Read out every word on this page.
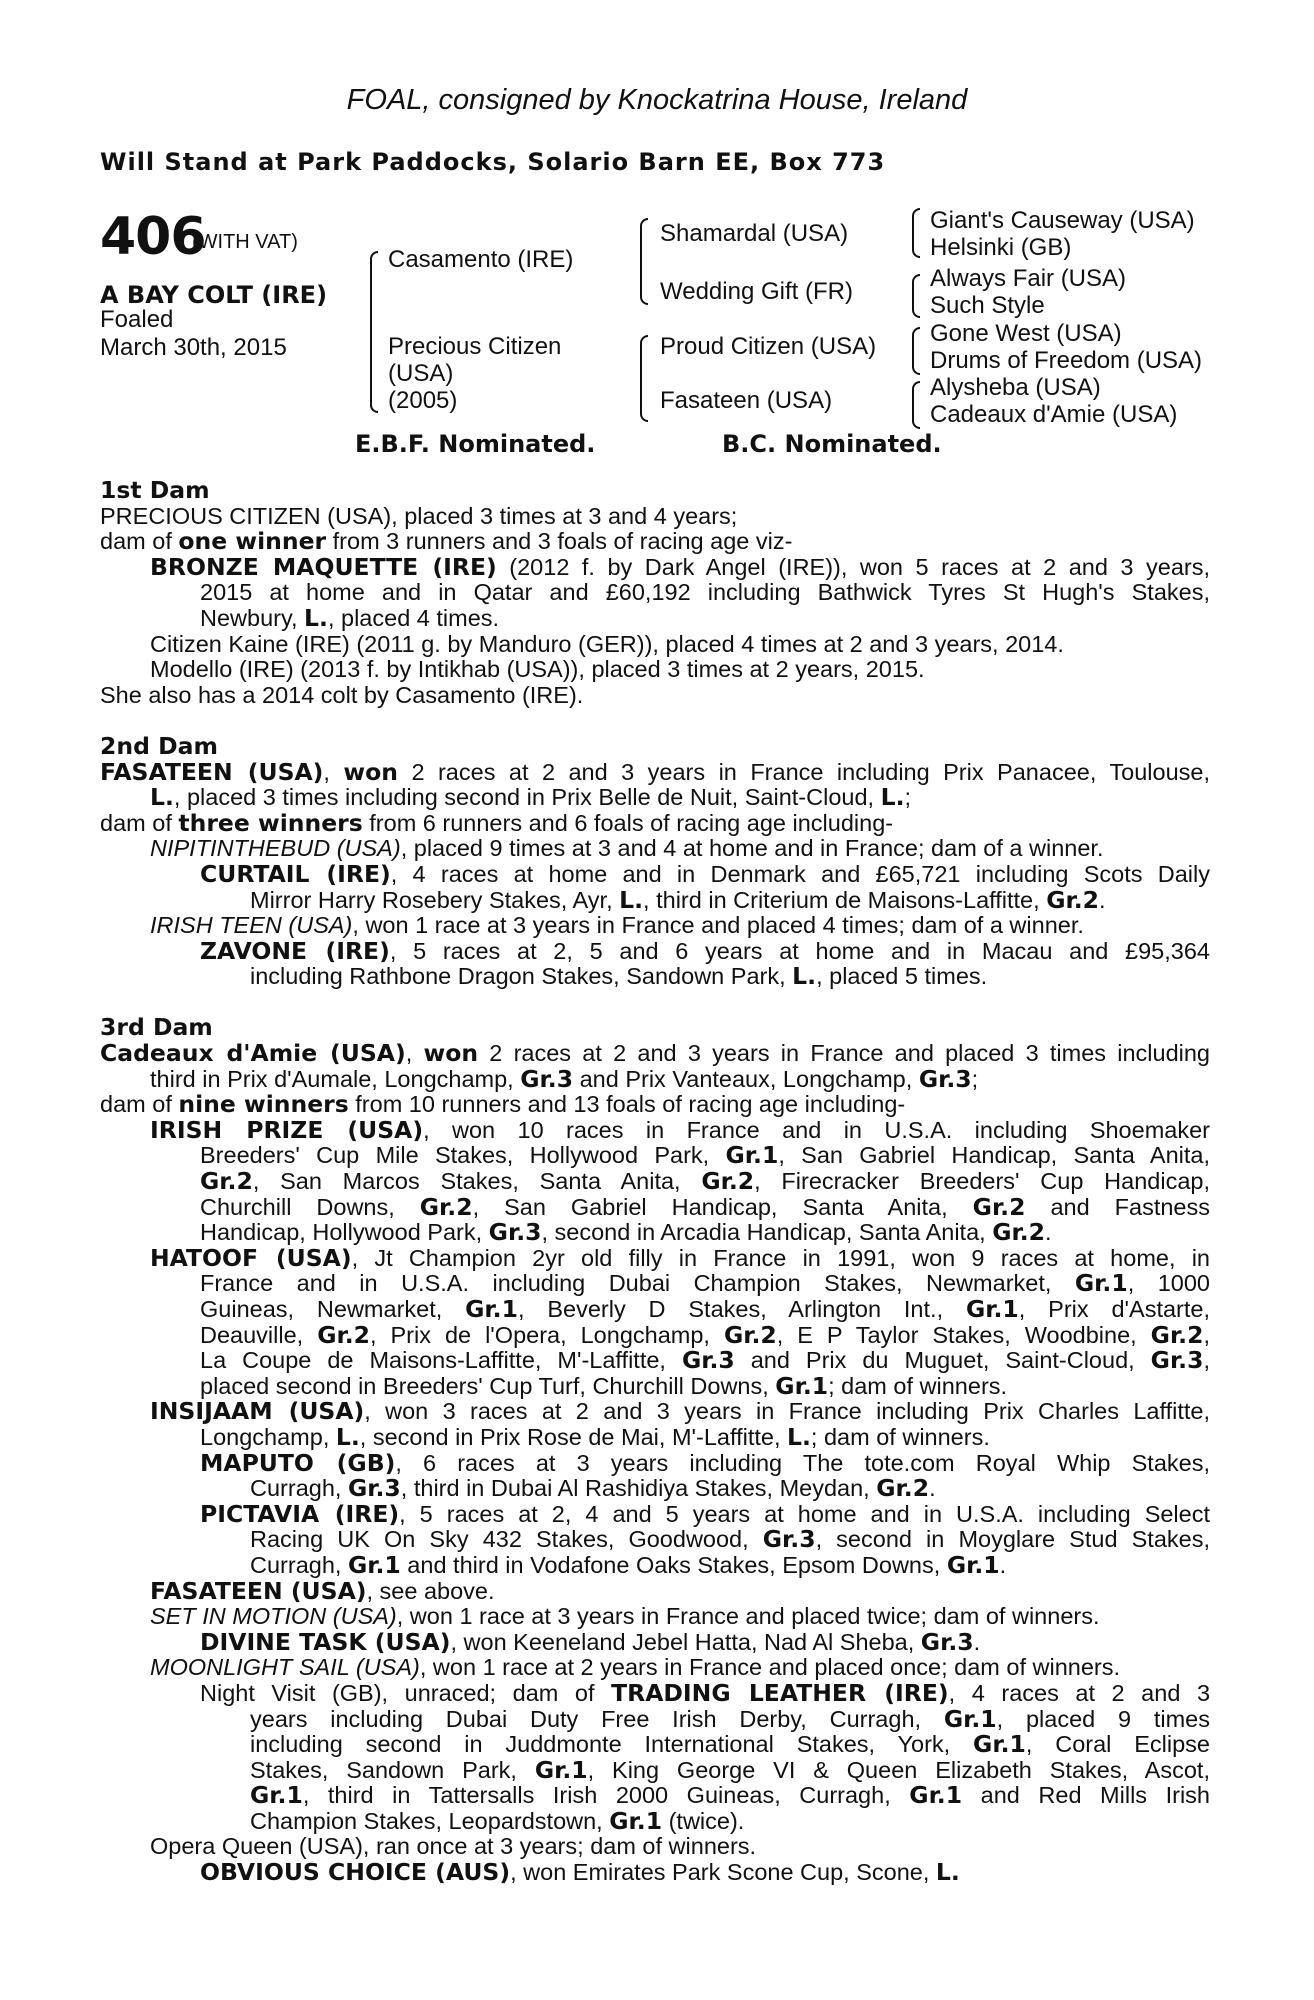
FOAL, consigned by Knockatrina House, Ireland
Will Stand at Park Paddocks, Solario Barn EE, Box 773
406
(WITH VAT)
A BAY COLT (IRE)
Foaled
March 30th, 2015
Casamento (IRE)
Precious Citizen
(USA)
(2005)
Shamardal (USA)
Wedding Gift (FR)
Proud Citizen (USA)
Fasateen (USA)
Giant's Causeway (USA)
Helsinki (GB)
Always Fair (USA)
Such Style
Gone West (USA)
Drums of Freedom (USA)
Alysheba (USA)
Cadeaux d'Amie (USA)
E.B.F. Nominated.	B.C. Nominated.
1st Dam
PRECIOUS CITIZEN (USA), placed 3 times at 3 and 4 years;
dam of one winner from 3 runners and 3 foals of racing age viz-
BRONZE MAQUETTE (IRE) (2012 f. by Dark Angel (IRE)), won 5 races at 2 and 3 years,
2015 at home and in Qatar and £60,192 including Bathwick Tyres St Hugh's Stakes,
Newbury, L., placed 4 times.
Citizen Kaine (IRE) (2011 g. by Manduro (GER)), placed 4 times at 2 and 3 years, 2014.
Modello (IRE) (2013 f. by Intikhab (USA)), placed 3 times at 2 years, 2015.
She also has a 2014 colt by Casamento (IRE).
2nd Dam
FASATEEN (USA), won 2 races at 2 and 3 years in France including Prix Panacee, Toulouse,
L., placed 3 times including second in Prix Belle de Nuit, Saint-Cloud, L.;
dam of three winners from 6 runners and 6 foals of racing age including-
NIPITINTHEBUD (USA), placed 9 times at 3 and 4 at home and in France; dam of a winner.
CURTAIL (IRE), 4 races at home and in Denmark and £65,721 including Scots Daily
Mirror Harry Rosebery Stakes, Ayr, L., third in Criterium de Maisons-Laffitte, Gr.2.
IRISH TEEN (USA), won 1 race at 3 years in France and placed 4 times; dam of a winner.
ZAVONE (IRE), 5 races at 2, 5 and 6 years at home and in Macau and £95,364
including Rathbone Dragon Stakes, Sandown Park, L., placed 5 times.
3rd Dam
Cadeaux d'Amie (USA), won 2 races at 2 and 3 years in France and placed 3 times including
third in Prix d'Aumale, Longchamp, Gr.3 and Prix Vanteaux, Longchamp, Gr.3;
dam of nine winners from 10 runners and 13 foals of racing age including-
IRISH PRIZE (USA), won 10 races in France and in U.S.A. including Shoemaker
Breeders' Cup Mile Stakes, Hollywood Park, Gr.1, San Gabriel Handicap, Santa Anita,
Gr.2, San Marcos Stakes, Santa Anita, Gr.2, Firecracker Breeders' Cup Handicap,
Churchill Downs, Gr.2, San Gabriel Handicap, Santa Anita, Gr.2 and Fastness
Handicap, Hollywood Park, Gr.3, second in Arcadia Handicap, Santa Anita, Gr.2.
HATOOF (USA), Jt Champion 2yr old filly in France in 1991, won 9 races at home, in
France and in U.S.A. including Dubai Champion Stakes, Newmarket, Gr.1, 1000
Guineas, Newmarket, Gr.1, Beverly D Stakes, Arlington Int., Gr.1, Prix d'Astarte,
Deauville, Gr.2, Prix de l'Opera, Longchamp, Gr.2, E P Taylor Stakes, Woodbine, Gr.2,
La Coupe de Maisons-Laffitte, M'-Laffitte, Gr.3 and Prix du Muguet, Saint-Cloud, Gr.3,
placed second in Breeders' Cup Turf, Churchill Downs, Gr.1; dam of winners.
INSIJAAM (USA), won 3 races at 2 and 3 years in France including Prix Charles Laffitte,
Longchamp, L., second in Prix Rose de Mai, M'-Laffitte, L.; dam of winners.
MAPUTO (GB), 6 races at 3 years including The tote.com Royal Whip Stakes,
Curragh, Gr.3, third in Dubai Al Rashidiya Stakes, Meydan, Gr.2.
PICTAVIA (IRE), 5 races at 2, 4 and 5 years at home and in U.S.A. including Select
Racing UK On Sky 432 Stakes, Goodwood, Gr.3, second in Moyglare Stud Stakes,
Curragh, Gr.1 and third in Vodafone Oaks Stakes, Epsom Downs, Gr.1.
FASATEEN (USA), see above.
SET IN MOTION (USA), won 1 race at 3 years in France and placed twice; dam of winners.
DIVINE TASK (USA), won Keeneland Jebel Hatta, Nad Al Sheba, Gr.3.
MOONLIGHT SAIL (USA), won 1 race at 2 years in France and placed once; dam of winners.
Night Visit (GB), unraced; dam of TRADING LEATHER (IRE), 4 races at 2 and 3
years including Dubai Duty Free Irish Derby, Curragh, Gr.1, placed 9 times
including second in Juddmonte International Stakes, York, Gr.1, Coral Eclipse
Stakes, Sandown Park, Gr.1, King George VI & Queen Elizabeth Stakes, Ascot,
Gr.1, third in Tattersalls Irish 2000 Guineas, Curragh, Gr.1 and Red Mills Irish
Champion Stakes, Leopardstown, Gr.1 (twice).
Opera Queen (USA), ran once at 3 years; dam of winners.
OBVIOUS CHOICE (AUS), won Emirates Park Scone Cup, Scone, L.
